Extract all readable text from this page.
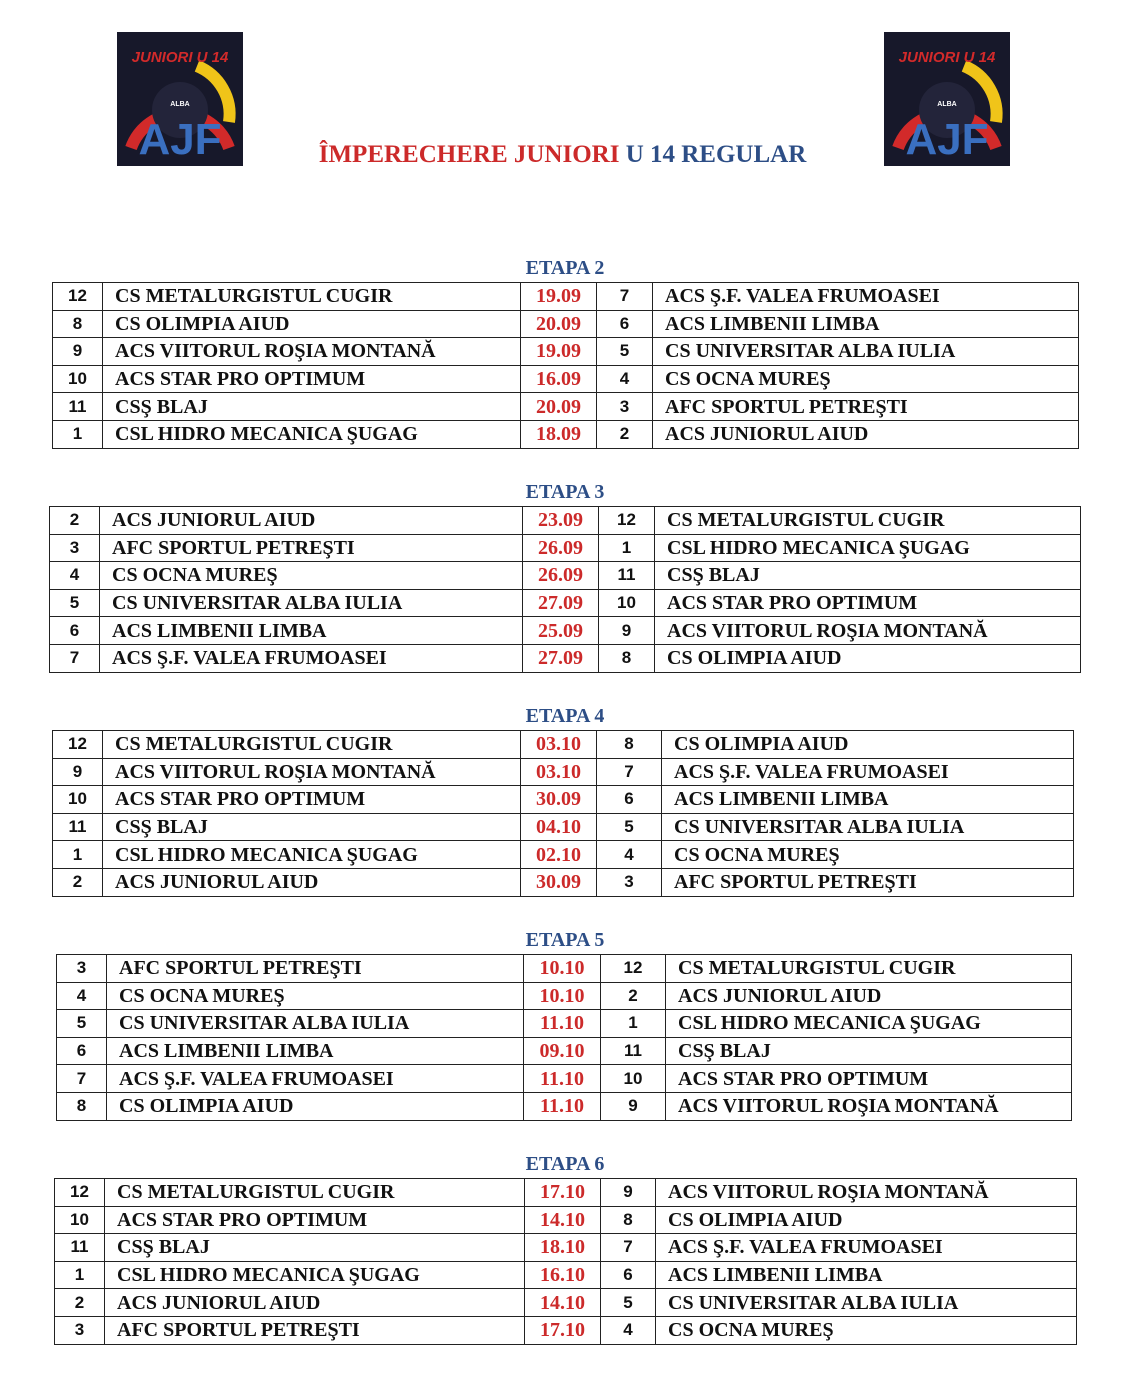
JUNIORI U 14
ALBA
AJF
JUNIORI U 14
ALBA
AJF
ÎMPERECHERE JUNIORI U 14 REGULAR
ETAPA 2
12	CS METALURGISTUL CUGIR	19.09	7	ACS Ş.F. VALEA FRUMOASEI
8	CS OLIMPIA AIUD	20.09	6	ACS LIMBENII LIMBA
9	ACS VIITORUL ROŞIA MONTANĂ	19.09	5	CS UNIVERSITAR ALBA IULIA
10	ACS STAR PRO OPTIMUM	16.09	4	CS OCNA MUREŞ
11	CSŞ BLAJ	20.09	3	AFC SPORTUL PETREŞTI
1	CSL HIDRO MECANICA ŞUGAG	18.09	2	ACS JUNIORUL AIUD
ETAPA 3
2	ACS JUNIORUL AIUD	23.09	12	CS METALURGISTUL CUGIR
3	AFC SPORTUL PETREŞTI	26.09	1	CSL HIDRO MECANICA ŞUGAG
4	CS OCNA MUREŞ	26.09	11	CSŞ BLAJ
5	CS UNIVERSITAR ALBA IULIA	27.09	10	ACS STAR PRO OPTIMUM
6	ACS LIMBENII LIMBA	25.09	9	ACS VIITORUL ROŞIA MONTANĂ
7	ACS Ş.F. VALEA FRUMOASEI	27.09	8	CS OLIMPIA AIUD
ETAPA 4
12	CS METALURGISTUL CUGIR	03.10	8	CS OLIMPIA AIUD
9	ACS VIITORUL ROŞIA MONTANĂ	03.10	7	ACS Ş.F. VALEA FRUMOASEI
10	ACS STAR PRO OPTIMUM	30.09	6	ACS LIMBENII LIMBA
11	CSŞ BLAJ	04.10	5	CS UNIVERSITAR ALBA IULIA
1	CSL HIDRO MECANICA ŞUGAG	02.10	4	CS OCNA MUREŞ
2	ACS JUNIORUL AIUD	30.09	3	AFC SPORTUL PETREŞTI
ETAPA 5
3	AFC SPORTUL PETREŞTI	10.10	12	CS METALURGISTUL CUGIR
4	CS OCNA MUREŞ	10.10	2	ACS JUNIORUL AIUD
5	CS UNIVERSITAR ALBA IULIA	11.10	1	CSL HIDRO MECANICA ŞUGAG
6	ACS LIMBENII LIMBA	09.10	11	CSŞ BLAJ
7	ACS Ş.F. VALEA FRUMOASEI	11.10	10	ACS STAR PRO OPTIMUM
8	CS OLIMPIA AIUD	11.10	9	ACS VIITORUL ROŞIA MONTANĂ
ETAPA 6
12	CS METALURGISTUL CUGIR	17.10	9	ACS VIITORUL ROŞIA MONTANĂ
10	ACS STAR PRO OPTIMUM	14.10	8	CS OLIMPIA AIUD
11	CSŞ BLAJ	18.10	7	ACS Ş.F. VALEA FRUMOASEI
1	CSL HIDRO MECANICA ŞUGAG	16.10	6	ACS LIMBENII LIMBA
2	ACS JUNIORUL AIUD	14.10	5	CS UNIVERSITAR ALBA IULIA
3	AFC SPORTUL PETREŞTI	17.10	4	CS OCNA MUREŞ
